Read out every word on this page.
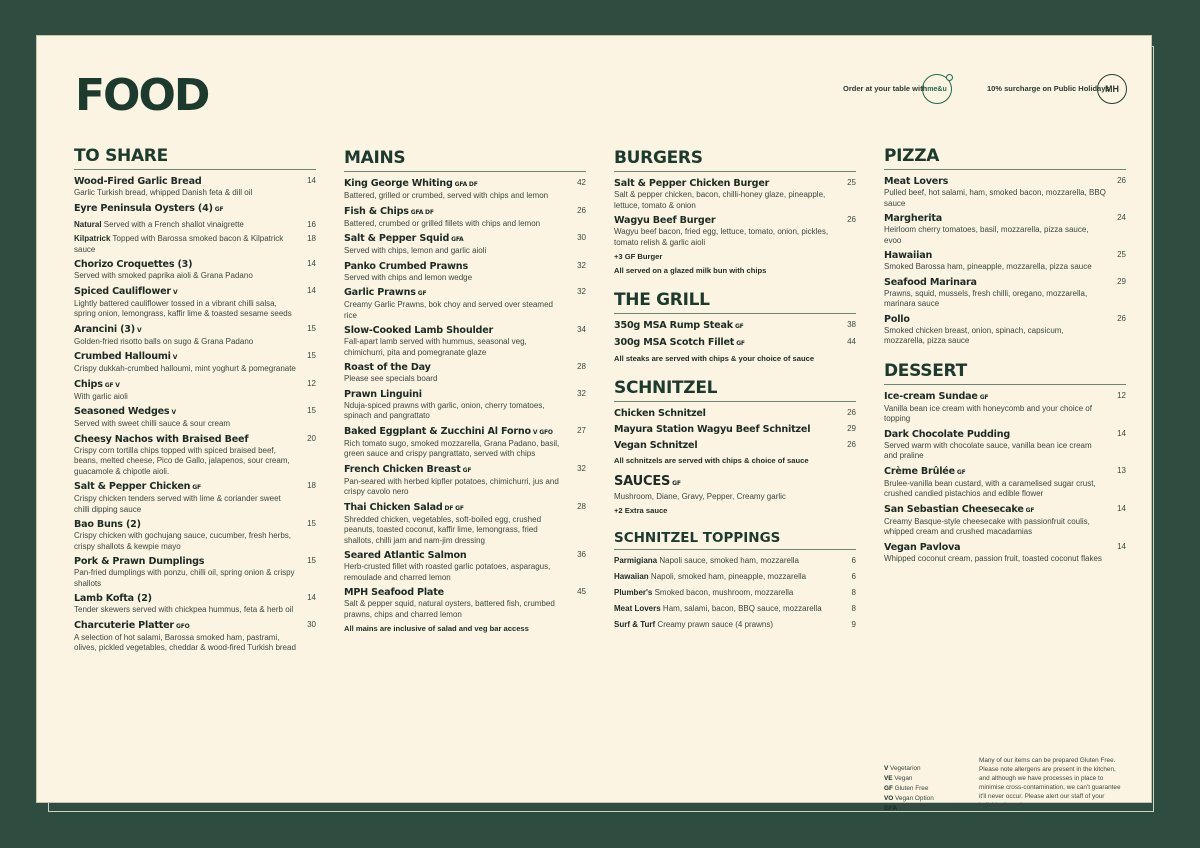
FOOD	Order at your table with me&u	10% surcharge on Public Holidays
MH
TO SHARE
Wood-Fired Garlic Bread
Garlic Turkish bread, whipped Danish feta & dill oil
14
Eyre Peninsula Oysters (4) GF
Natural Served with a French shallot vinaigrette	16
Kilpatrick Topped with Barossa smoked bacon & Kilpatrick sauce
18
Chorizo Croquettes (3)
Served with smoked paprika aioli & Grana Padano
14
Spiced Cauliflower V
Lightly battered cauliflower tossed in a vibrant chilli salsa, spring onion, lemongrass, kaffir lime & toasted sesame seeds
14
Arancini (3) V
Golden-fried risotto balls on sugo & Grana Padano
15
Crumbed Halloumi V
Crispy dukkah-crumbed halloumi, mint yoghurt & pomegranate
15
Chips GF V
With garlic aioli
12
Seasoned Wedges V
Served with sweet chilli sauce & sour cream
15
Cheesy Nachos with Braised Beef
Crispy corn tortilla chips topped with spiced braised beef, beans, melted cheese, Pico de Gallo, jalapenos, sour cream, guacamole & chipotle aioli.
20
Salt & Pepper Chicken GF
Crispy chicken tenders served with lime & coriander sweet chilli dipping sauce
18
Bao Buns (2)
Crispy chicken with gochujang sauce, cucumber, fresh herbs, crispy shallots & kewpie mayo
15
Pork & Prawn Dumplings
Pan-fried dumplings with ponzu, chilli oil, spring onion & crispy shallots
15
Lamb Kofta (2)
Tender skewers served with chickpea hummus, feta & herb oil
14
Charcuterie Platter GFO
A selection of hot salami, Barossa smoked ham, pastrami, olives, pickled vegetables, cheddar & wood-fired Turkish bread
30
MAINS
King George Whiting GFA DF
Battered, grilled or crumbed, served with chips and lemon
42
Fish & Chips GFA DF
Battered, crumbed or grilled fillets with chips and lemon
26
Salt & Pepper Squid GFA
Served with chips, lemon and garlic aioli
30
Panko Crumbed Prawns
Served with chips and lemon wedge
32
Garlic Prawns GF
Creamy Garlic Prawns, bok choy and served over steamed rice
32
Slow-Cooked Lamb Shoulder
Fall-apart lamb served with hummus, seasonal veg, chimichurri, pita and pomegranate glaze
34
Roast of the Day
Please see specials board
28
Prawn Linguini
Nduja-spiced prawns with garlic, onion, cherry tomatoes, spinach and pangrattato
32
Baked Eggplant & Zucchini Al Forno V GFO
Rich tomato sugo, smoked mozzarella, Grana Padano, basil, green sauce and crispy pangrattato, served with chips
27
French Chicken Breast GF
Pan-seared with herbed kipfler potatoes, chimichurri, jus and crispy cavolo nero
32
Thai Chicken Salad DF GF
Shredded chicken, vegetables, soft-boiled egg, crushed peanuts, toasted coconut, kaffir lime, lemongrass, fried shallots, chilli jam and nam-jim dressing
28
Seared Atlantic Salmon
Herb-crusted fillet with roasted garlic potatoes, asparagus, remoulade and charred lemon
36
MPH Seafood Plate
Salt & pepper squid, natural oysters, battered fish, crumbed prawns, chips and charred lemon
45
All mains are inclusive of salad and veg bar access
BURGERS
Salt & Pepper Chicken Burger
Salt & pepper chicken, bacon, chilli-honey glaze, pineapple, lettuce, tomato & onion
25
Wagyu Beef Burger
Wagyu beef bacon, fried egg, lettuce, tomato, onion, pickles, tomato relish & garlic aioli
26
+3 GF Burger
All served on a glazed milk bun with chips
THE GRILL
350g MSA Rump Steak GF	38
300g MSA Scotch Fillet GF	44
All steaks are served with chips & your choice of sauce
SCHNITZEL
Chicken Schnitzel	26
Mayura Station Wagyu Beef Schnitzel	29
Vegan Schnitzel	26
All schnitzels are served with chips & choice of sauce
SAUCES GF
Mushroom, Diane, Gravy, Pepper, Creamy garlic
+2 Extra sauce
SCHNITZEL TOPPINGS
Parmigiana Napoli sauce, smoked ham, mozzarella	6
Hawaiian Napoli, smoked ham, pineapple, mozzarella	6
Plumber's Smoked bacon, mushroom, mozzarella	8
Meat Lovers Ham, salami, bacon, BBQ sauce, mozzarella	8
Surf & Turf Creamy prawn sauce (4 prawns)	9
PIZZA
Meat Lovers
Pulled beef, hot salami, ham, smoked bacon, mozzarella, BBQ sauce
26
Margherita
Heirloom cherry tomatoes, basil, mozzarella, pizza sauce, evoo
24
Hawaiian
Smoked Barossa ham, pineapple, mozzarella, pizza sauce
25
Seafood Marinara
Prawns, squid, mussels, fresh chilli, oregano, mozzarella, marinara sauce
29
Pollo
Smoked chicken breast, onion, spinach, capsicum, mozzarella, pizza sauce
26
DESSERT
Ice-cream Sundae GF
Vanilla bean ice cream with honeycomb and your choice of topping
12
Dark Chocolate Pudding
Served warm with chocolate sauce, vanilla bean ice cream and praline
14
Crème Brûlée GF
Brulee-vanilla bean custard, with a caramelised sugar crust, crushed candied pistachios and edible flower
13
San Sebastian Cheesecake GF
Creamy Basque-style cheesecake with passionfruit coulis, whipped cream and crushed macadamias
14
Vegan Pavlova
Whipped coconut cream, passion fruit, toasted coconut flakes
14
V Vegetarion
VE Vegan
GF Gluten Free
VO Vegan Option
GFA Gluten Free Available
Many of our items can be prepared Gluten Free. Please note allergens are present in the kitchen, and although we have processes in place to minimise cross-contamination, we can't guarantee it'll never occur. Please alert our staff of your individual needs.
